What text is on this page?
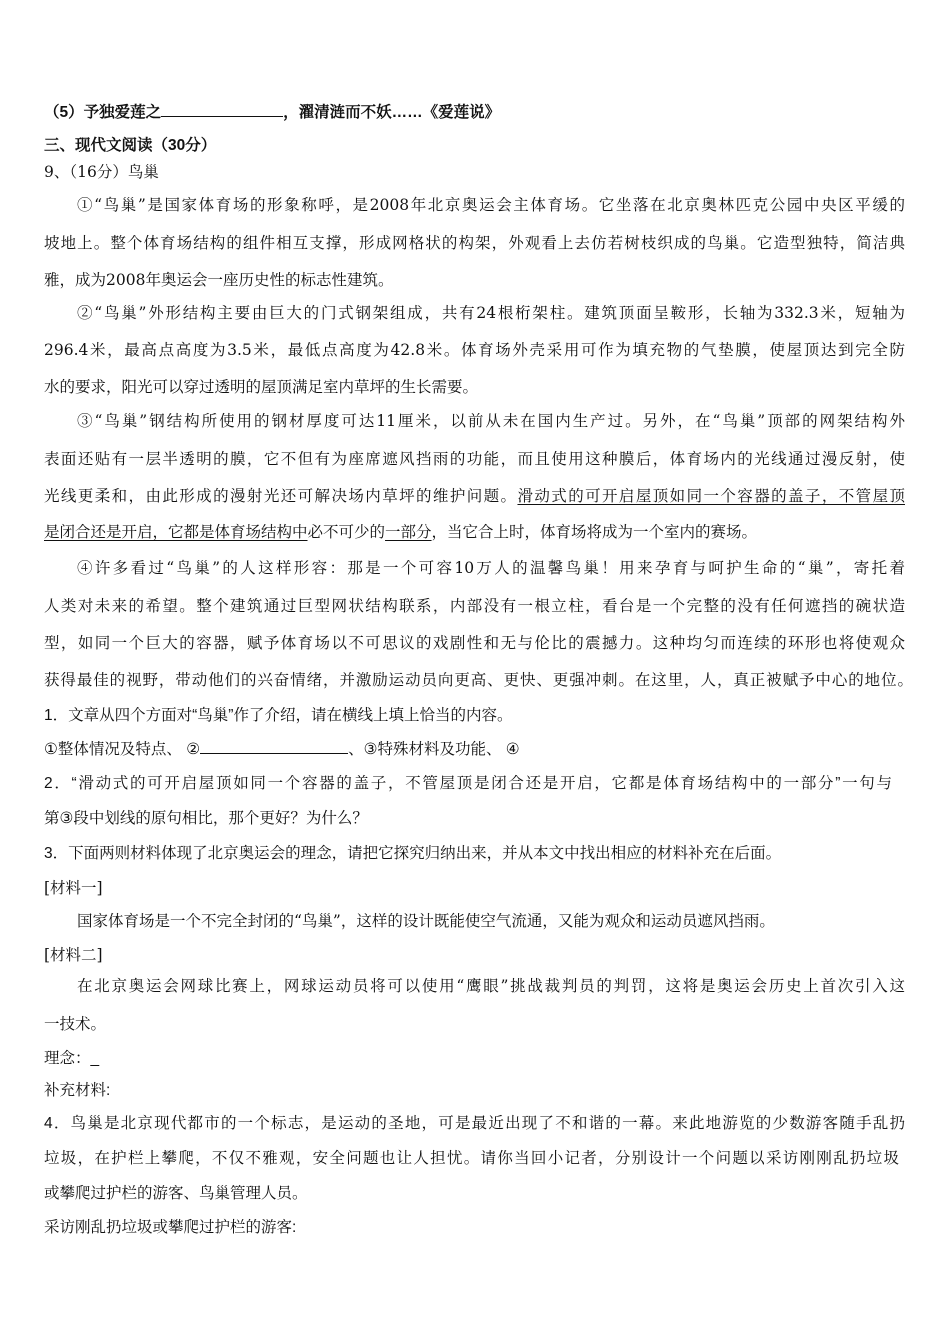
（5）予独爱莲之	，濯清涟而不妖……《爱莲说》
三、现代文阅读（30分）
9、（16分）鸟巢
①“鸟巢”是国家体育场的形象称呼，是2008年北京奥运会主体育场。它坐落在北京奥林匹克公园中央区平缓的
坡地上。整个体育场结构的组件相互支撑，形成网格状的构架，外观看上去仿若树枝织成的鸟巢。它造型独特，简洁典
雅，成为2008年奥运会一座历史性的标志性建筑。
②“鸟巢”外形结构主要由巨大的门式钢架组成，共有24根桁架柱。建筑顶面呈鞍形，长轴为332.3米，短轴为
296.4米，最高点高度为3.5米，最低点高度为42.8米。体育场外壳采用可作为填充物的气垫膜，使屋顶达到完全防
水的要求，阳光可以穿过透明的屋顶满足室内草坪的生长需要。
③“鸟巢”钢结构所使用的钢材厚度可达11厘米，以前从未在国内生产过。另外，在“鸟巢”顶部的网架结构外
表面还贴有一层半透明的膜，它不但有为座席遮风挡雨的功能，而且使用这种膜后，体育场内的光线通过漫反射，使
光线更柔和，由此形成的漫射光还可解决场内草坪的维护问题。滑动式的可开启屋顶如同一个容器的盖子，不管屋顶
是闭合还是开启，它都是体育场结构中必不可少的一部分，当它合上时，体育场将成为一个室内的赛场。
④许多看过“鸟巢”的人这样形容：那是一个可容10万人的温馨鸟巢！用来孕育与呵护生命的“巢”，寄托着
人类对未来的希望。整个建筑通过巨型网状结构联系，内部没有一根立柱，看台是一个完整的没有任何遮挡的碗状造
型，如同一个巨大的容器，赋予体育场以不可思议的戏剧性和无与伦比的震撼力。这种均匀而连续的环形也将使观众
获得最佳的视野，带动他们的兴奋情绪，并激励运动员向更高、更快、更强冲刺。在这里，人，真正被赋予中心的地位。
1．文章从四个方面对“鸟巢”作了介绍，请在横线上填上恰当的内容。
①整体情况及特点、 ②	、③特殊材料及功能、 ④
2．“滑动式的可开启屋顶如同一个容器的盖子，不管屋顶是闭合还是开启，它都是体育场结构中的一部分”一句与
第③段中划线的原句相比，那个更好？为什么？
3．下面两则材料体现了北京奥运会的理念，请把它探究归纳出来，并从本文中找出相应的材料补充在后面。
[材料一]
国家体育场是一个不完全封闭的“鸟巢”，这样的设计既能使空气流通，又能为观众和运动员遮风挡雨。
[材料二]
在北京奥运会网球比赛上，网球运动员将可以使用“鹰眼”挑战裁判员的判罚，这将是奥运会历史上首次引入这
一技术。
理念：_
补充材料:
4．鸟巢是北京现代都市的一个标志，是运动的圣地，可是最近出现了不和谐的一幕。来此地游览的少数游客随手乱扔
垃圾，在护栏上攀爬，不仅不雅观，安全问题也让人担忧。请你当回小记者，分别设计一个问题以采访刚刚乱扔垃圾
或攀爬过护栏的游客、鸟巢管理人员。
采访刚乱扔垃圾或攀爬过护栏的游客:
